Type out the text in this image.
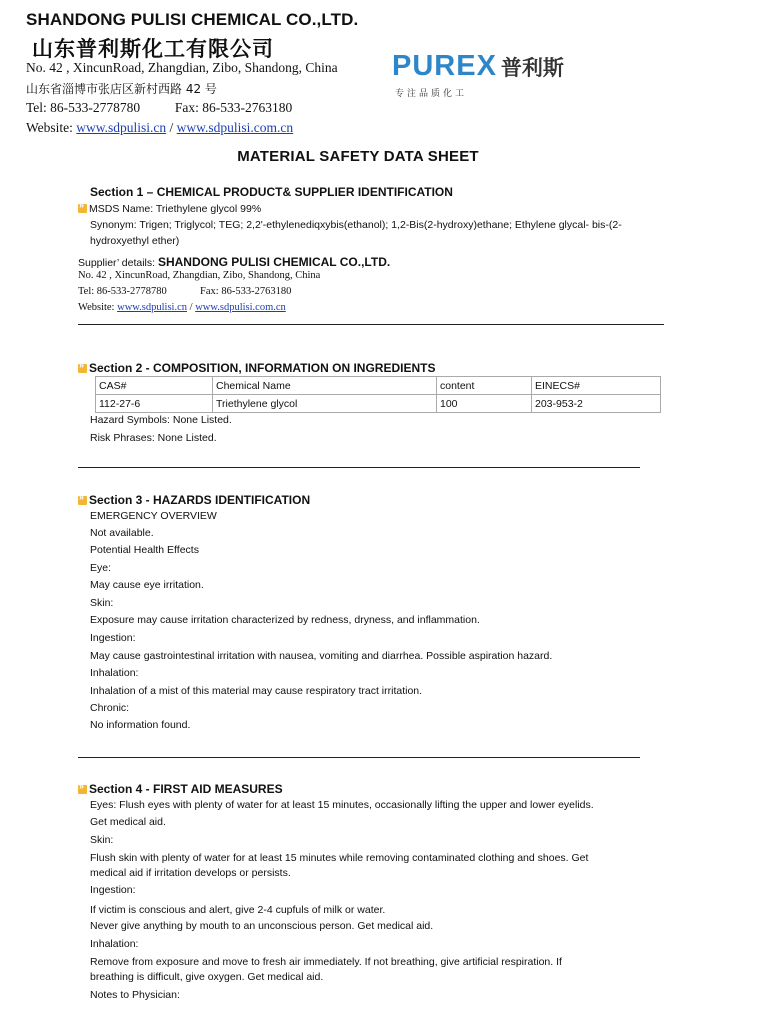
SHANDONG PULISI CHEMICAL CO.,LTD.
山东普利斯化工有限公司
No. 42 , XincunRoad, Zhangdian, Zibo, Shandong, China
山东省淄博市张店区新村西路 42 号
Tel: 86-533-2778780	Fax: 86-533-2763180
Website: www.sdpulisi.cn / www.sdpulisi.com.cn
PUREX 普利斯
专注品质化工
MATERIAL SAFETY DATA SHEET
Section 1 – CHEMICAL PRODUCT& SUPPLIER IDENTIFICATION
»MSDS Name: Triethylene glycol 99%
Synonym: Trigen; Triglycol; TEG; 2,2'-ethylenediqxybis(ethanol); 1,2-Bis(2-hydroxy)ethane; Ethylene glycal- bis-(2-
hydroxyethyl ether)
Supplier’ details: SHANDONG PULISI CHEMICAL CO.,LTD.
No. 42 , XincunRoad, Zhangdian, Zibo, Shandong, China
Tel: 86-533-2778780	Fax: 86-533-2763180
Website: www.sdpulisi.cn / www.sdpulisi.com.cn
»Section 2 - COMPOSITION, INFORMATION ON INGREDIENTS
CAS#	Chemical Name	content	EINECS#
112-27-6	Triethylene glycol	100	203-953-2
Hazard Symbols: None Listed.
Risk Phrases: None Listed.
»Section 3 - HAZARDS IDENTIFICATION
EMERGENCY OVERVIEW
Not available.
Potential Health Effects
Eye:
May cause eye irritation.
Skin:
Exposure may cause irritation characterized by redness, dryness, and inflammation.
Ingestion:
May cause gastrointestinal irritation with nausea, vomiting and diarrhea. Possible aspiration hazard.
Inhalation:
Inhalation of a mist of this material may cause respiratory tract irritation.
Chronic:
No information found.
»Section 4 - FIRST AID MEASURES
Eyes: Flush eyes with plenty of water for at least 15 minutes, occasionally lifting the upper and lower eyelids.
Get medical aid.
Skin:
Flush skin with plenty of water for at least 15 minutes while removing contaminated clothing and shoes. Get
medical aid if irritation develops or persists.
Ingestion:
If victim is conscious and alert, give 2-4 cupfuls of milk or water.
Never give anything by mouth to an unconscious person. Get medical aid.
Inhalation:
Remove from exposure and move to fresh air immediately. If not breathing, give artificial respiration. If
breathing is difficult, give oxygen. Get medical aid.
Notes to Physician:
